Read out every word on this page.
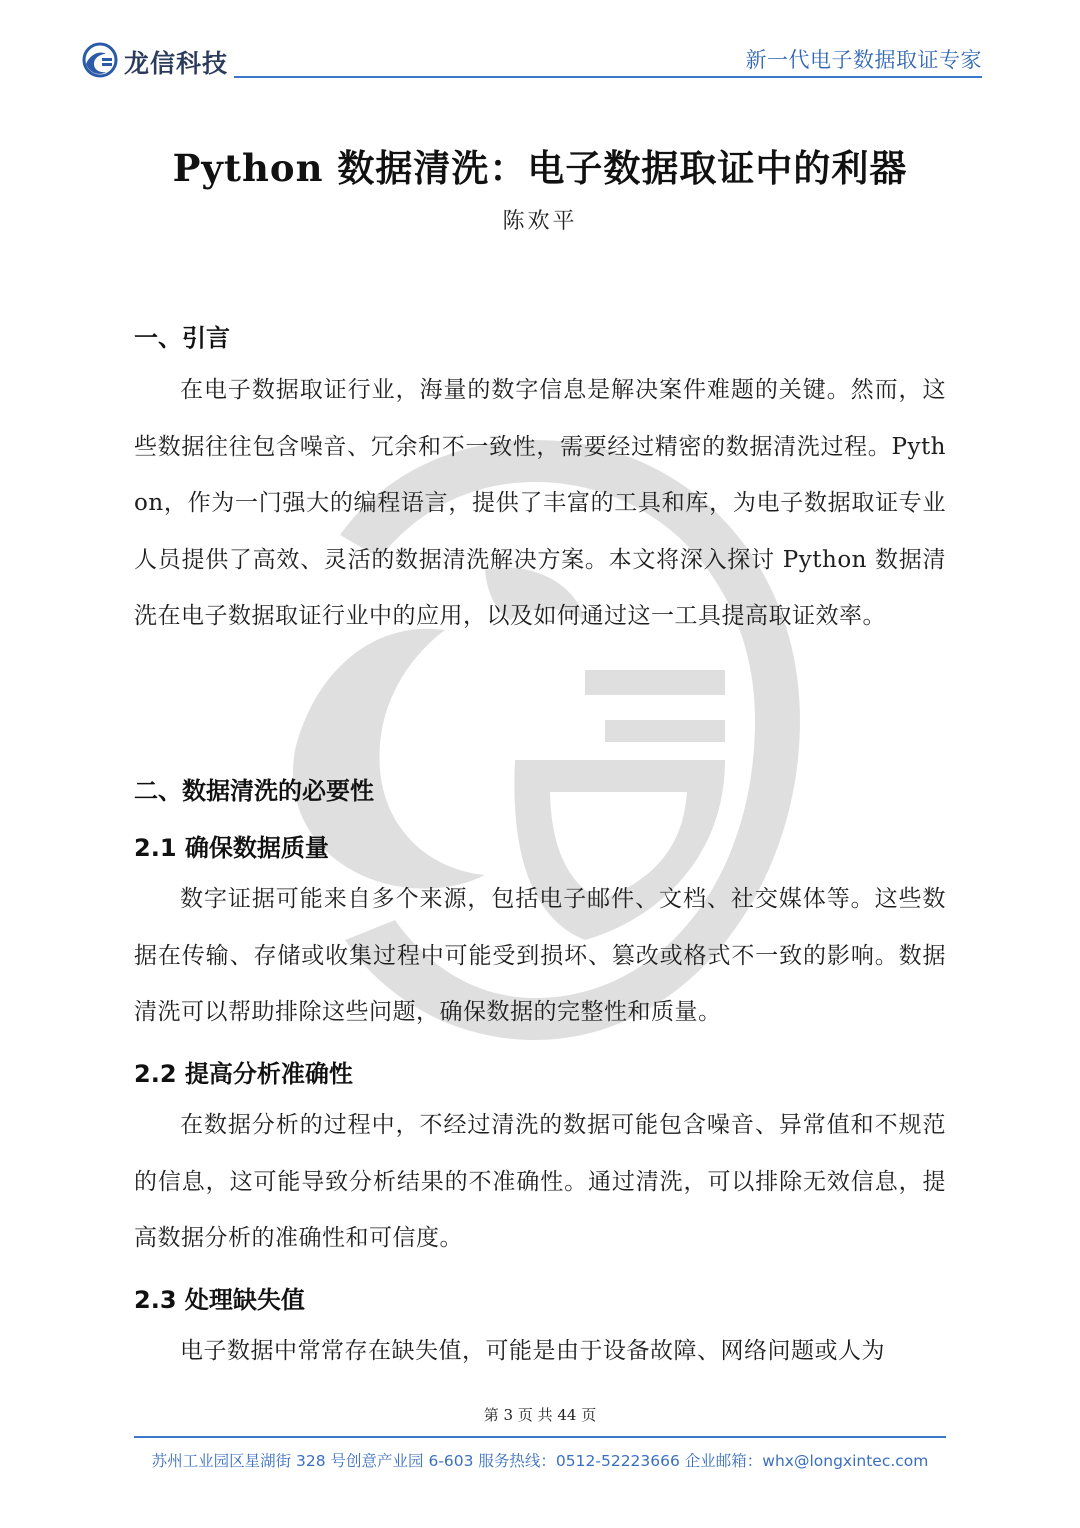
龙信科技	新一代电子数据取证专家
Python 数据清洗：电子数据取证中的利器
陈欢平
一、引言
在电子数据取证行业，海量的数字信息是解决案件难题的关键。然而，这些数据往往包含噪音、冗余和不一致性，需要经过精密的数据清洗过程。Python，作为一门强大的编程语言，提供了丰富的工具和库，为电子数据取证专业人员提供了高效、灵活的数据清洗解决方案。本文将深入探讨 Python 数据清洗在电子数据取证行业中的应用，以及如何通过这一工具提高取证效率。
二、数据清洗的必要性
2.1 确保数据质量
数字证据可能来自多个来源，包括电子邮件、文档、社交媒体等。这些数据在传输、存储或收集过程中可能受到损坏、篡改或格式不一致的影响。数据清洗可以帮助排除这些问题，确保数据的完整性和质量。
2.2 提高分析准确性
在数据分析的过程中，不经过清洗的数据可能包含噪音、异常值和不规范的信息，这可能导致分析结果的不准确性。通过清洗，可以排除无效信息，提高数据分析的准确性和可信度。
2.3 处理缺失值
电子数据中常常存在缺失值，可能是由于设备故障、网络问题或人为
第 3 页 共 44 页
苏州工业园区星湖街 328 号创意产业园 6-603 服务热线：0512-52223666 企业邮箱：whx@longxintec.com
